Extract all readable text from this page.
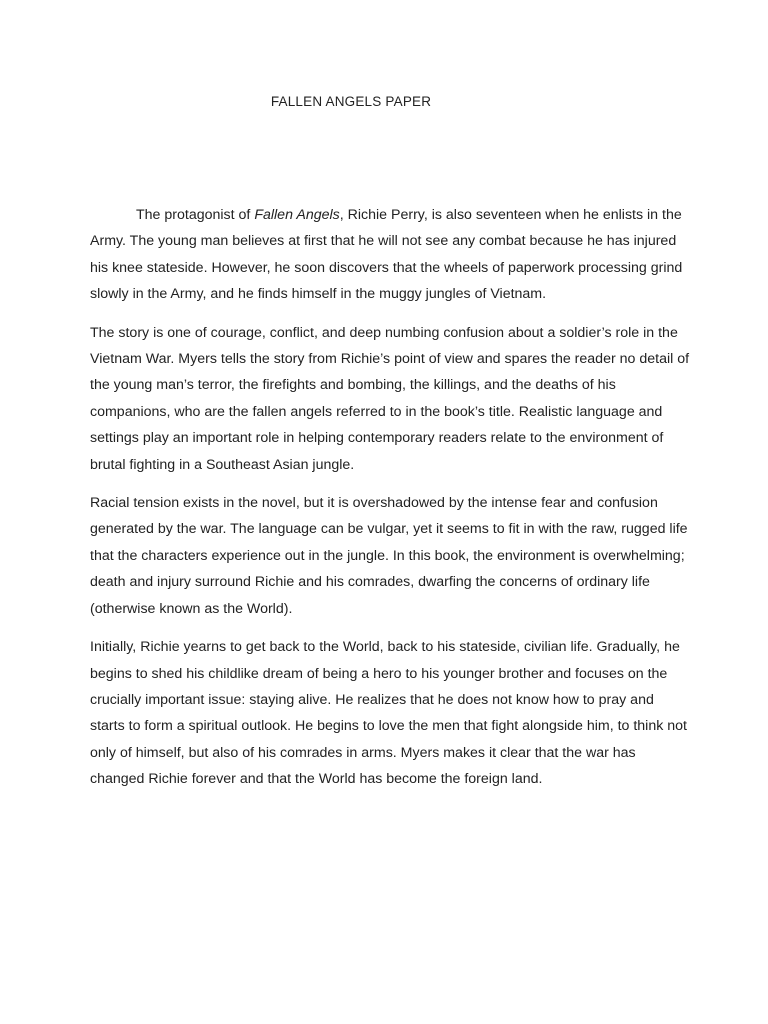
FALLEN ANGELS PAPER

The protagonist of Fallen Angels, Richie Perry, is also seventeen when he enlists in the Army. The young man believes at first that he will not see any combat because he has injured his knee stateside. However, he soon discovers that the wheels of paperwork processing grind slowly in the Army, and he finds himself in the muggy jungles of Vietnam.

The story is one of courage, conflict, and deep numbing confusion about a soldier’s role in the Vietnam War. Myers tells the story from Richie’s point of view and spares the reader no detail of the young man’s terror, the firefights and bombing, the killings, and the deaths of his companions, who are the fallen angels referred to in the book’s title. Realistic language and settings play an important role in helping contemporary readers relate to the environment of brutal fighting in a Southeast Asian jungle.

Racial tension exists in the novel, but it is overshadowed by the intense fear and confusion generated by the war. The language can be vulgar, yet it seems to fit in with the raw, rugged life that the characters experience out in the jungle. In this book, the environment is overwhelming; death and injury surround Richie and his comrades, dwarfing the concerns of ordinary life (otherwise known as the World).

Initially, Richie yearns to get back to the World, back to his stateside, civilian life. Gradually, he begins to shed his childlike dream of being a hero to his younger brother and focuses on the crucially important issue: staying alive. He realizes that he does not know how to pray and starts to form a spiritual outlook. He begins to love the men that fight alongside him, to think not only of himself, but also of his comrades in arms. Myers makes it clear that the war has changed Richie forever and that the World has become the foreign land.
